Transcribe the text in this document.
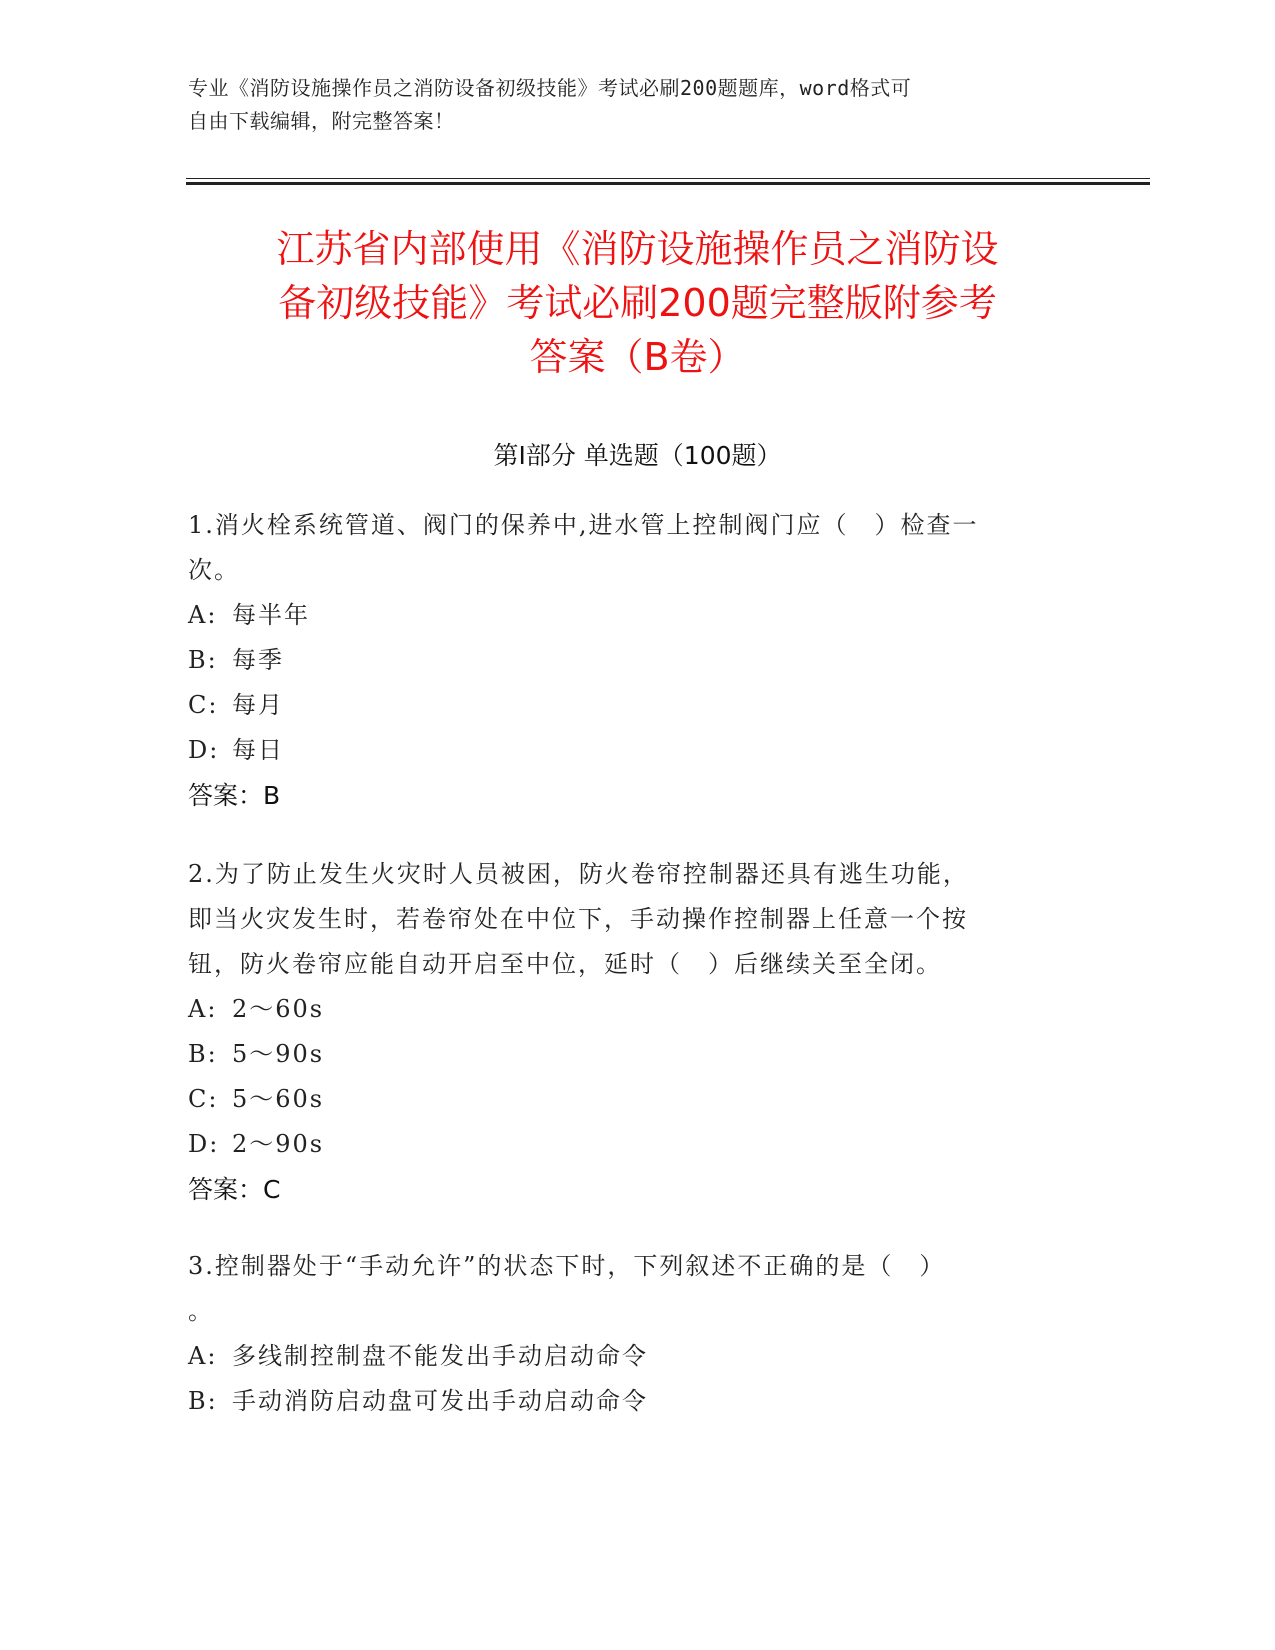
专业《消防设施操作员之消防设备初级技能》考试必刷200题题库，word格式可
自由下载编辑，附完整答案！
江苏省内部使用《消防设施操作员之消防设
备初级技能》考试必刷200题完整版附参考
答案（B卷）
第Ⅰ部分 单选题（100题）
1.消火栓系统管道、阀门的保养中,进水管上控制阀门应（　）检查一
次。
A: 每半年
B: 每季
C: 每月
D: 每日
答案：B
2.为了防止发生火灾时人员被困，防火卷帘控制器还具有逃生功能，
即当火灾发生时，若卷帘处在中位下，手动操作控制器上任意一个按
钮，防火卷帘应能自动开启至中位，延时（　）后继续关至全闭。
A: 2～60s
B: 5～90s
C: 5～60s
D: 2～90s
答案：C
3.控制器处于“手动允许”的状态下时，下列叙述不正确的是（　）
。
A: 多线制控制盘不能发出手动启动命令
B: 手动消防启动盘可发出手动启动命令
